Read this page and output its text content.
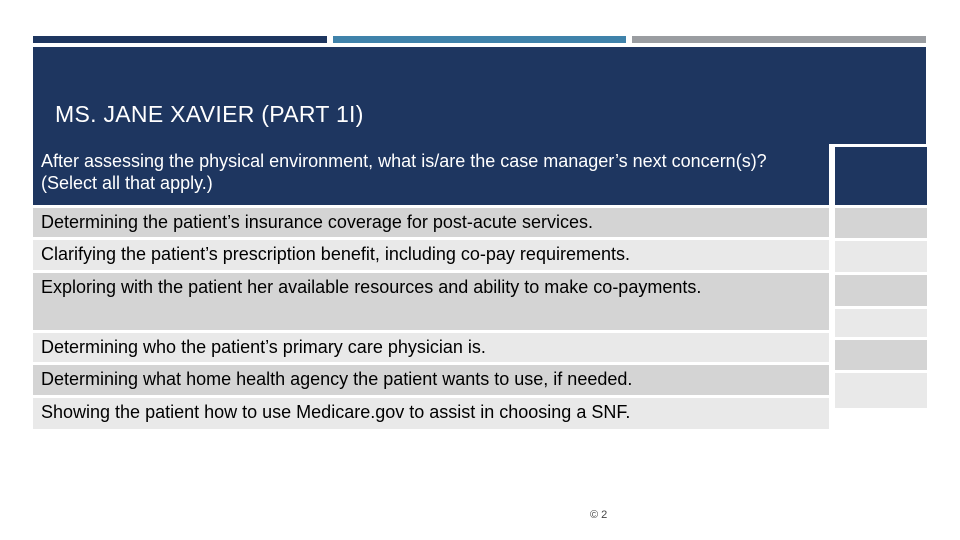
MS. JANE XAVIER (PART 1I)
After assessing the physical environment, what is/are the case manager’s next concern(s)? (Select all that apply.)
Determining the patient’s insurance coverage for post-acute services.
Clarifying the patient’s prescription benefit, including co-pay requirements.
Exploring with the patient her available resources and ability to make co-payments.
Determining who the patient’s primary care physician is.
Determining what home health agency the patient wants to use, if needed.
Showing the patient how to use Medicare.gov to assist in choosing a SNF.
© 2
